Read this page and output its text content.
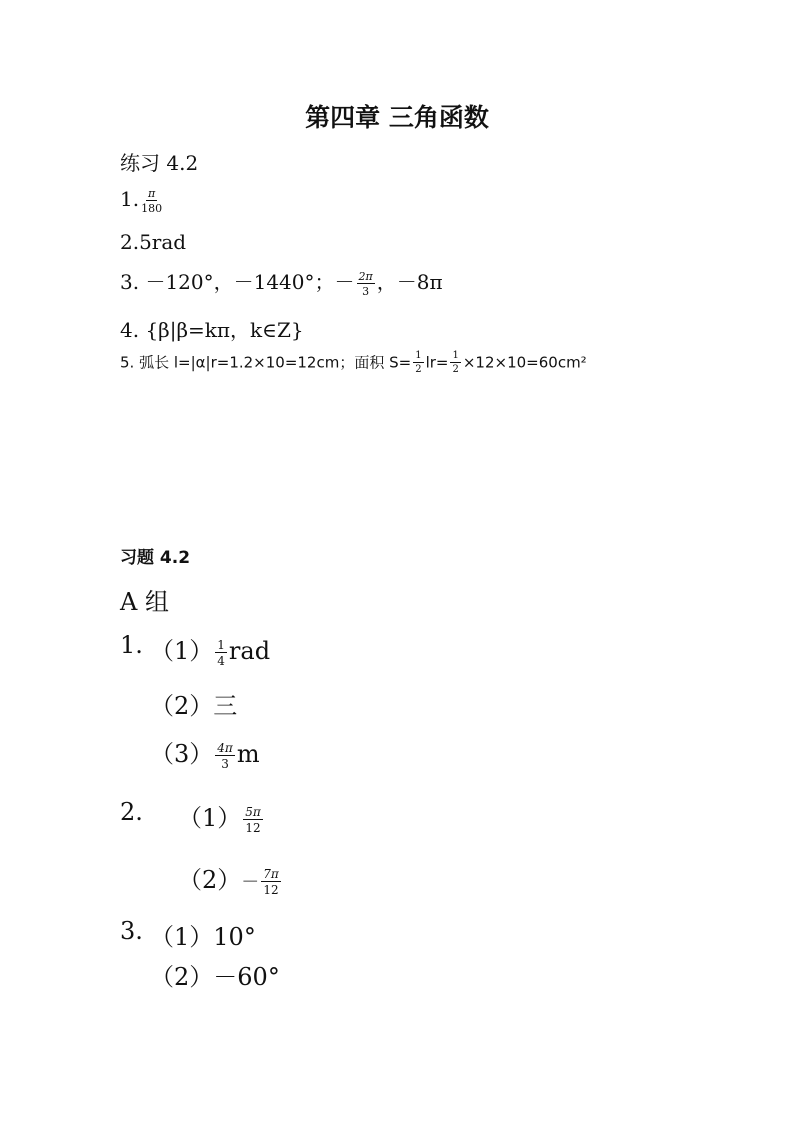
第四章 三角函数
练习 4.2
1. $\frac{\pi}{180}$
2.5rad
3. －120°，－1440°；－ $\frac{2\pi}{3}$ ，－8π
4. {β|β=kπ，k∈Z}
5. 弧长 l=|α|r=1.2×10=12cm；面积 $S= \frac{1}{2} lr= \frac{1}{2} \times 12\times 10=60cm^2$
习题 4.2
A 组
1. $(1) \frac{1}{4}$ rad
（2）三
$(3) \frac{4\pi}{3}$ m
2. $(1) \frac{5\pi}{12}$
$(2)- \frac{7\pi}{12}$
3. （1）10°
（2）－60°
